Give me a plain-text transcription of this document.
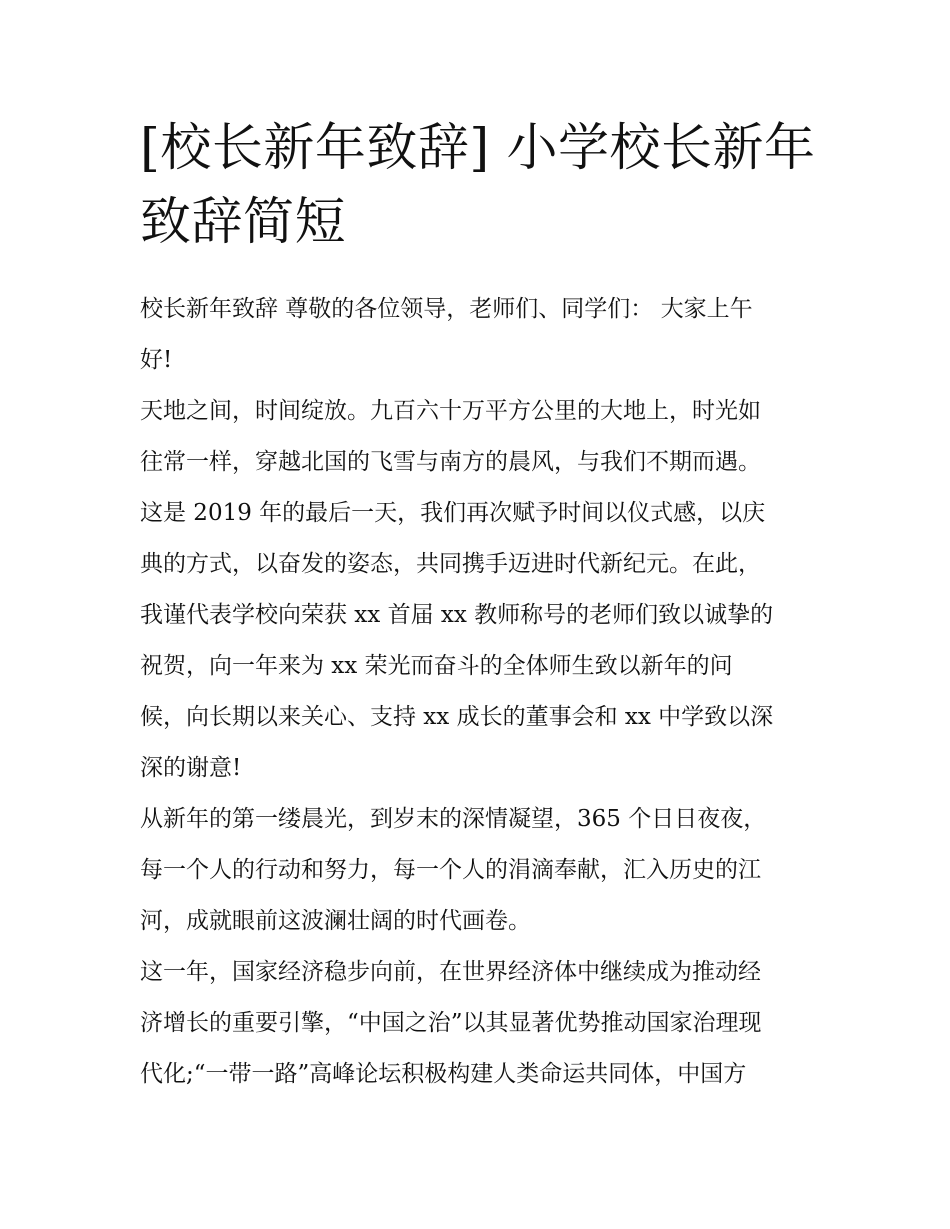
[校长新年致辞] 小学校长新年
致辞简短
校长新年致辞 尊敬的各位领导，老师们、同学们： 大家上午
好!
天地之间，时间绽放。九百六十万平方公里的大地上，时光如
往常一样，穿越北国的飞雪与南方的晨风，与我们不期而遇。
这是 2019 年的最后一天，我们再次赋予时间以仪式感，以庆
典的方式，以奋发的姿态，共同携手迈进时代新纪元。在此，
我谨代表学校向荣获 xx 首届 xx 教师称号的老师们致以诚挚的
祝贺，向一年来为 xx 荣光而奋斗的全体师生致以新年的问
候，向长期以来关心、支持 xx 成长的董事会和 xx 中学致以深
深的谢意!
从新年的第一缕晨光，到岁末的深情凝望，365 个日日夜夜，
每一个人的行动和努力，每一个人的涓滴奉献，汇入历史的江
河，成就眼前这波澜壮阔的时代画卷。
这一年，国家经济稳步向前，在世界经济体中继续成为推动经
济增长的重要引擎，“中国之治”以其显著优势推动国家治理现
代化;“一带一路”高峰论坛积极构建人类命运共同体，中国方
